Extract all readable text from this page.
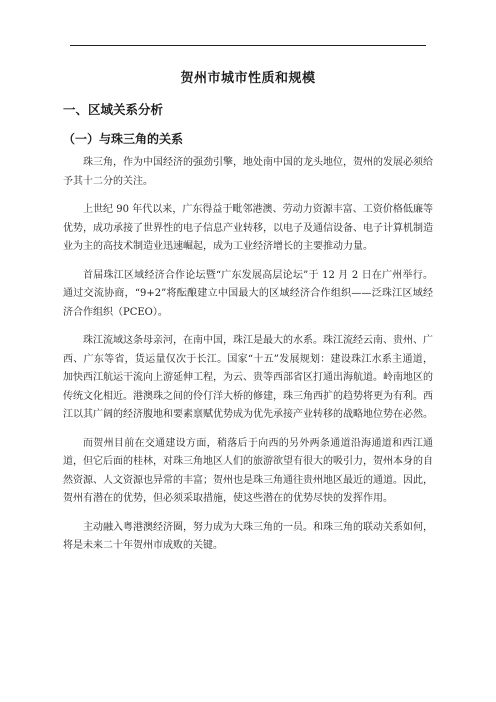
贺州市城市性质和规模
一、区域关系分析
（一）与珠三角的关系

珠三角，作为中国经济的强劲引擎，地处南中国的龙头地位，贺州的发展必须给予其十二分的关注。

上世纪 90 年代以来，广东得益于毗邻港澳、劳动力资源丰富、工资价格低廉等优势，成功承接了世界性的电子信息产业转移，以电子及通信设备、电子计算机制造业为主的高技术制造业迅速崛起，成为工业经济增长的主要推动力量。

首届珠江区域经济合作论坛暨“广东发展高层论坛”于 12 月 2 日在广州举行。通过交流协商，“9+2”将酝酿建立中国最大的区域经济合作组织——泛珠江区域经济合作组织（PCEO）。

珠江流域这条母亲河，在南中国，珠江是最大的水系。珠江流经云南、贵州、广西、广东等省，货运量仅次于长江。国家“十五”发展规划：建设珠江水系主通道，加快西江航运干流向上游延伸工程，为云、贵等西部省区打通出海航道。岭南地区的传统文化相近。港澳珠之间的伶仃洋大桥的修建，珠三角西扩的趋势将更为有利。西江以其广阔的经济腹地和要素禀赋优势成为优先承接产业转移的战略地位势在必然。

而贺州目前在交通建设方面，稍落后于向西的另外两条通道沿海通道和西江通道，但它后面的桂林，对珠三角地区人们的旅游欲望有很大的吸引力，贺州本身的自然资源、人文资源也异常的丰富；贺州也是珠三角通往贵州地区最近的通道。因此，贺州有潜在的优势，但必须采取措施，使这些潜在的优势尽快的发挥作用。

主动融入粤港澳经济圈，努力成为大珠三角的一员。和珠三角的联动关系如何，将是未来二十年贺州市成败的关键。
